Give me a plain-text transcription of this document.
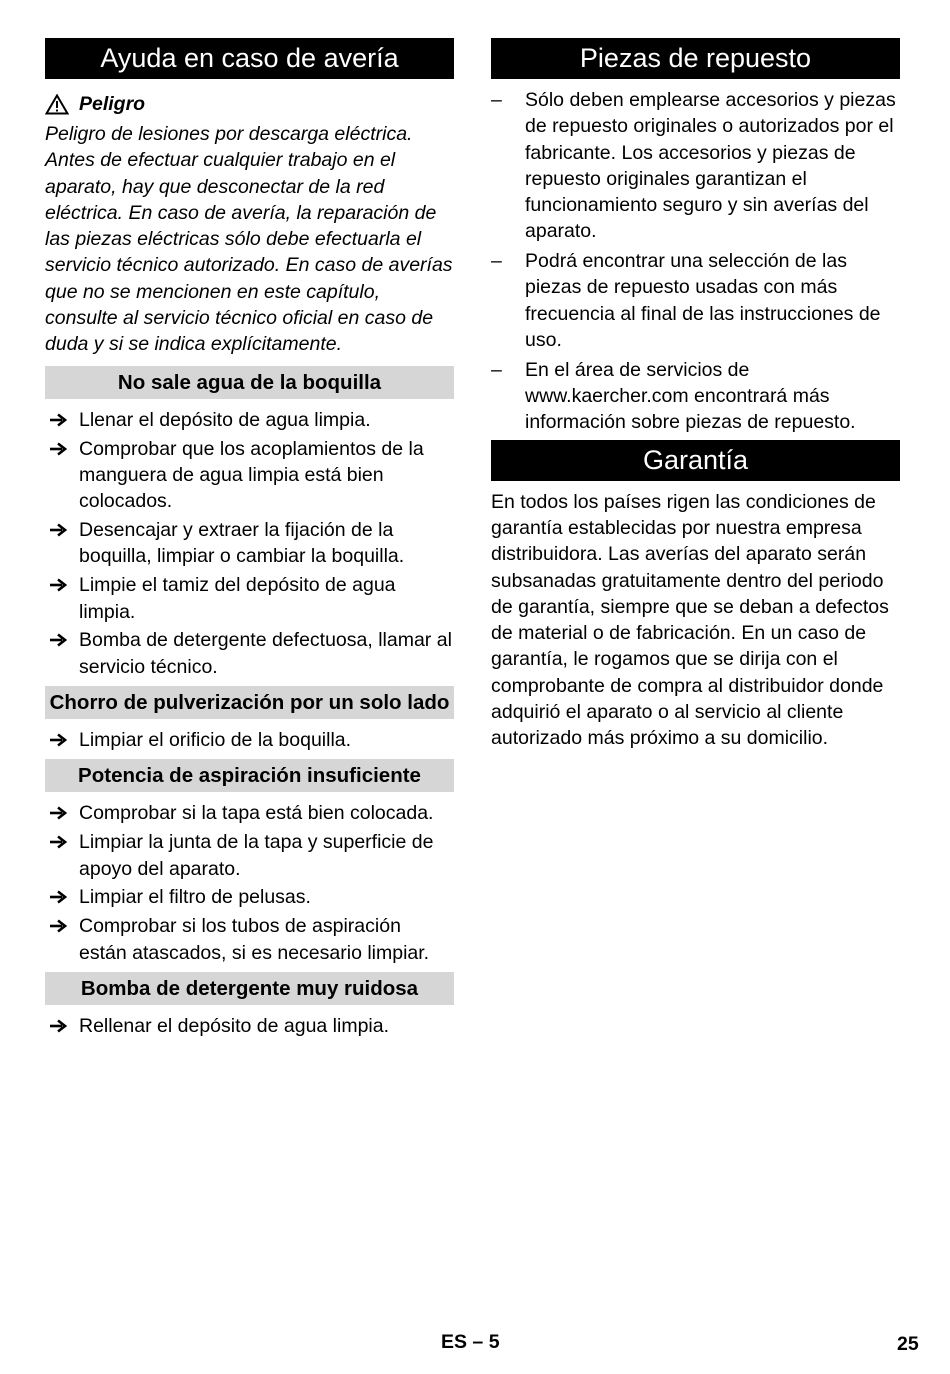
Ayuda en caso de avería
Peligro
Peligro de lesiones por descarga eléctrica. Antes de efectuar cualquier trabajo en el aparato, hay que desconectar de la red eléctrica. En caso de avería, la reparación de las piezas eléctricas sólo debe efectuarla el servicio técnico autorizado. En caso de averías que no se mencionen en este capítulo, consulte al servicio técnico oficial en caso de duda y si se indica explícitamente.
No sale agua de la boquilla
Llenar el depósito de agua limpia.
Comprobar que los acoplamientos de la manguera de agua limpia está bien colocados.
Desencajar y extraer la fijación de la boquilla, limpiar o cambiar la boquilla.
Limpie el tamiz del depósito de agua limpia.
Bomba de detergente defectuosa, llamar al servicio técnico.
Chorro de pulverización por un solo lado
Limpiar el orificio de la boquilla.
Potencia de aspiración insuficiente
Comprobar si la tapa está bien colocada.
Limpiar la junta de la tapa y superficie de apoyo del aparato.
Limpiar el filtro de pelusas.
Comprobar si los tubos de aspiración están atascados, si es necesario limpiar.
Bomba de detergente muy ruidosa
Rellenar el depósito de agua limpia.
Piezas de repuesto
– Sólo deben emplearse accesorios y piezas de repuesto originales o autorizados por el fabricante. Los accesorios y piezas de repuesto originales garantizan el funcionamiento seguro y sin averías del aparato.
– Podrá encontrar una selección de las piezas de repuesto usadas con más frecuencia al final de las instrucciones de uso.
– En el área de servicios de www.kaercher.com encontrará más información sobre piezas de repuesto.
Garantía
En todos los países rigen las condiciones de garantía establecidas por nuestra empresa distribuidora. Las averías del aparato serán subsanadas gratuitamente dentro del periodo de garantía, siempre que se deban a defectos de material o de fabricación. En un caso de garantía, le rogamos que se dirija con el comprobante de compra al distribuidor donde adquirió el aparato o al servicio al cliente autorizado más próximo a su domicilio.
ES – 5	25
